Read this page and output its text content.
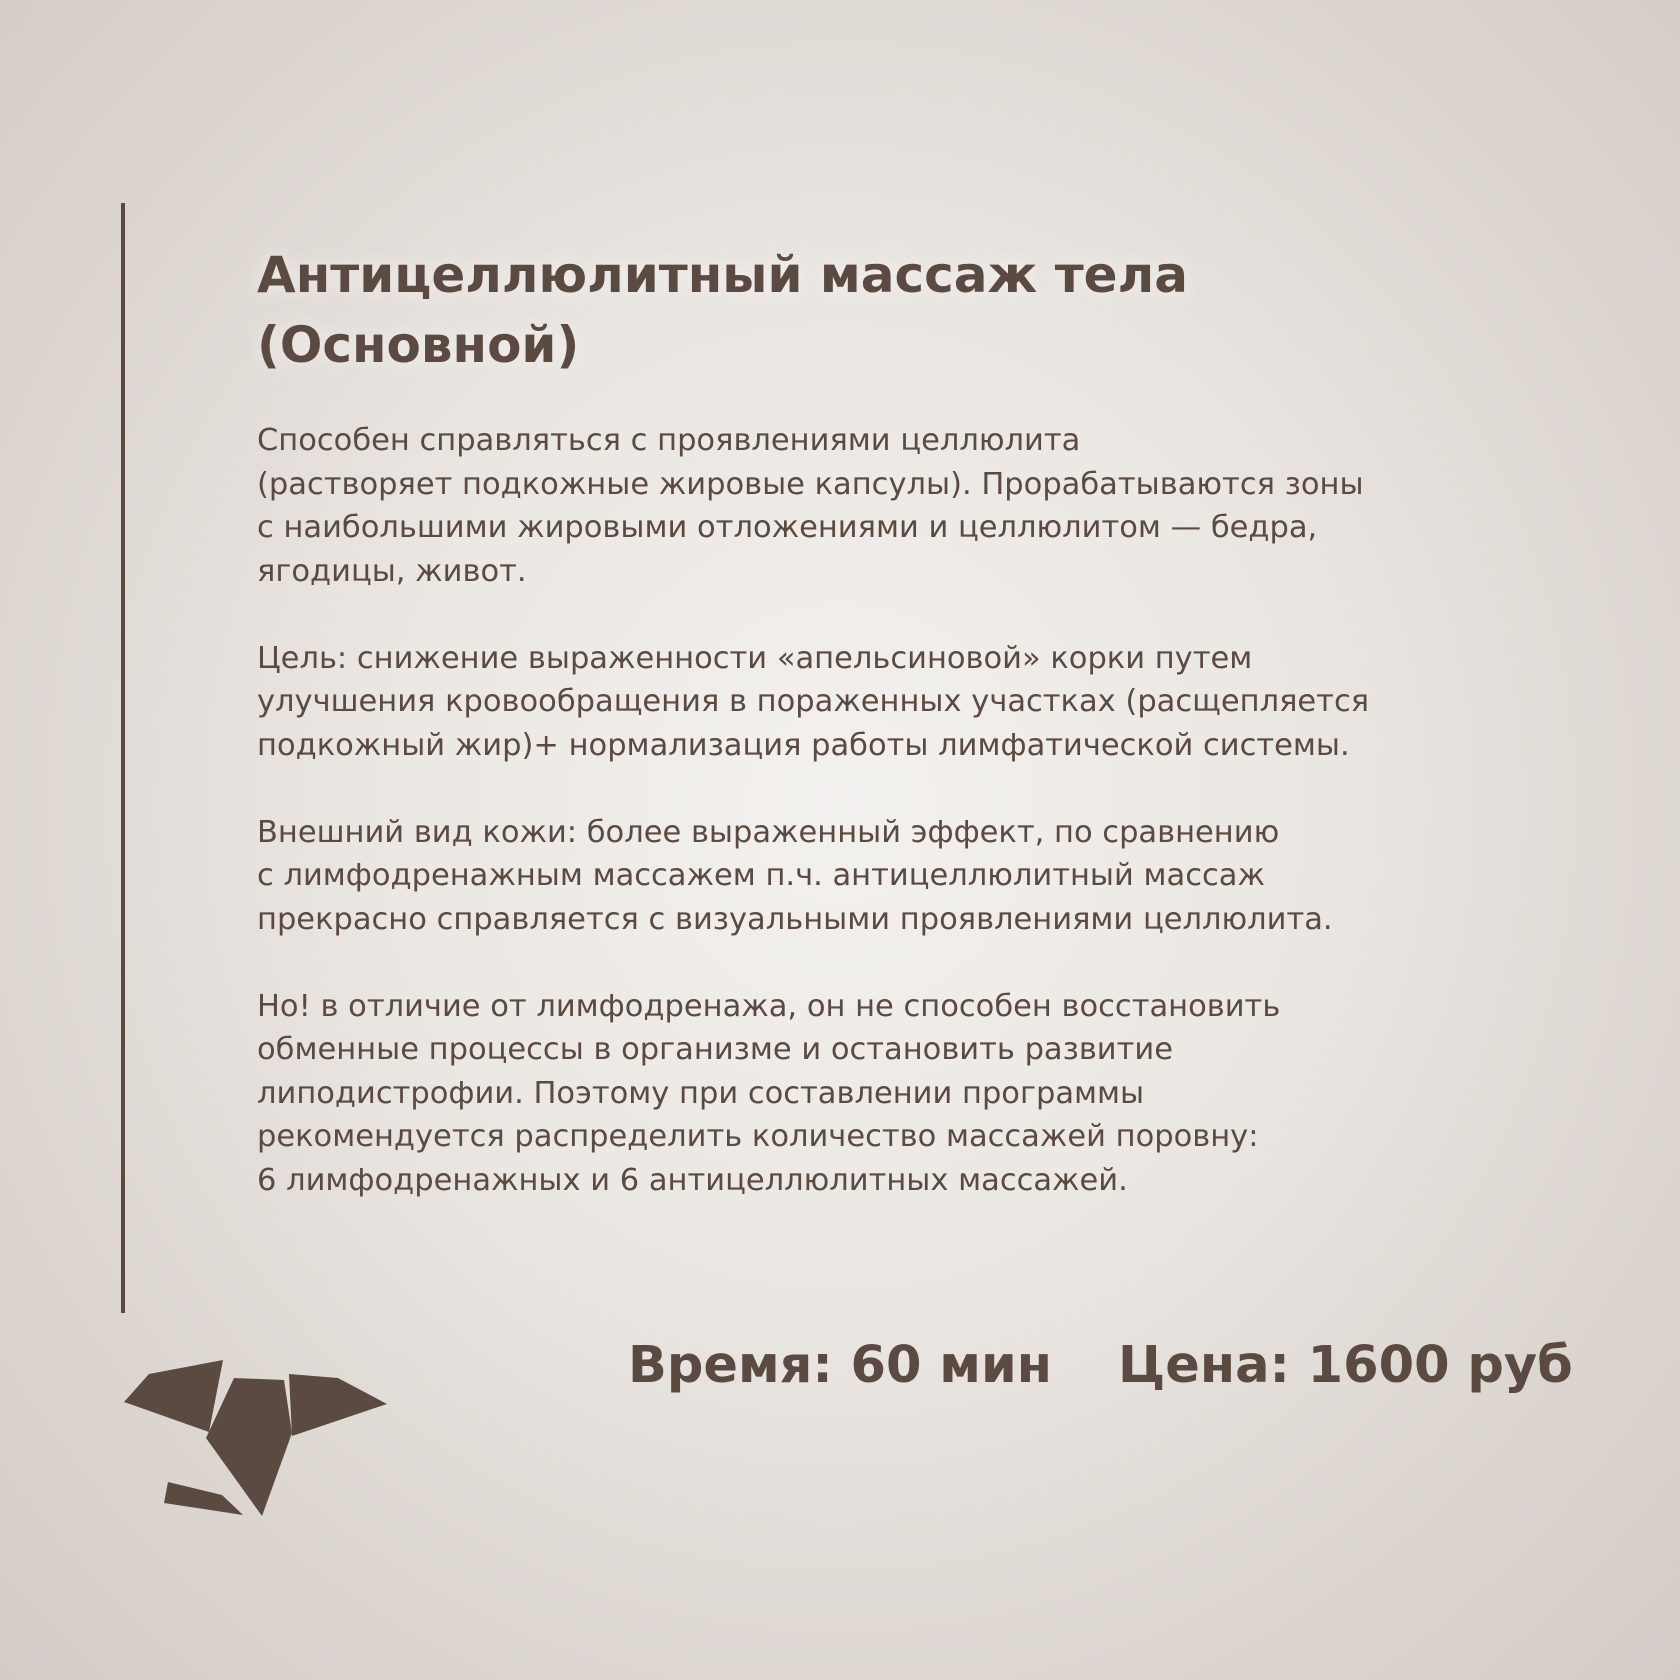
Антицеллюлитный массаж тела
(Основной)

Способен справляться с проявлениями целлюлита
(растворяет подкожные жировые капсулы). Прорабатываются зоны
с наибольшими жировыми отложениями и целлюлитом — бедра,
ягодицы, живот.

Цель: снижение выраженности «апельсиновой» корки путем
улучшения кровообращения в пораженных участках (расщепляется
подкожный жир)+ нормализация работы лимфатической системы.

Внешний вид кожи: более выраженный эффект, по сравнению
с лимфодренажным массажем п.ч. антицеллюлитный массаж
прекрасно справляется с визуальными проявлениями целлюлита.

Но! в отличие от лимфодренажа, он не способен восстановить
обменные процессы в организме и остановить развитие
липодистрофии. Поэтому при составлении программы
рекомендуется распределить количество массажей поровну:
6 лимфодренажных и 6 антицеллюлитных массажей.

Время: 60 мин Цена: 1600 руб
